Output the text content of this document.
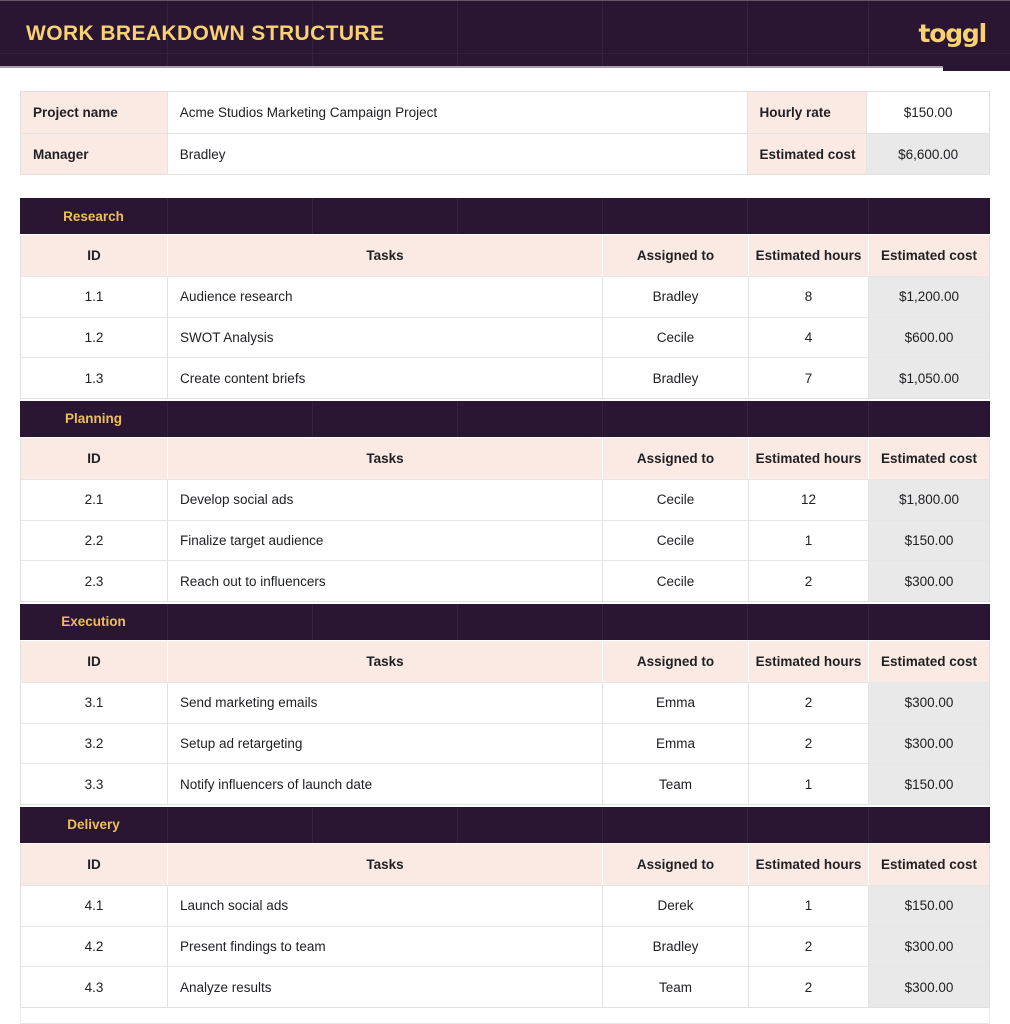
WORK BREAKDOWN STRUCTURE	toggl
Project name	Acme Studios Marketing Campaign Project	Hourly rate	$150.00
Manager	Bradley	Estimated cost	$6,600.00
Research
ID	Tasks	Assigned to	Estimated hours	Estimated cost
1.1	Audience research	Bradley	8	$1,200.00
1.2	SWOT Analysis	Cecile	4	$600.00
1.3	Create content briefs	Bradley	7	$1,050.00
Planning
ID	Tasks	Assigned to	Estimated hours	Estimated cost
2.1	Develop social ads	Cecile	12	$1,800.00
2.2	Finalize target audience	Cecile	1	$150.00
2.3	Reach out to influencers	Cecile	2	$300.00
Execution
ID	Tasks	Assigned to	Estimated hours	Estimated cost
3.1	Send marketing emails	Emma	2	$300.00
3.2	Setup ad retargeting	Emma	2	$300.00
3.3	Notify influencers of launch date	Team	1	$150.00
Delivery
ID	Tasks	Assigned to	Estimated hours	Estimated cost
4.1	Launch social ads	Derek	1	$150.00
4.2	Present findings to team	Bradley	2	$300.00
4.3	Analyze results	Team	2	$300.00
